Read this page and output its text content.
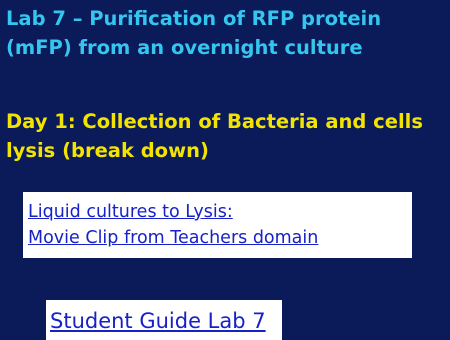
Lab 7 – Purification of RFP protein
(mFP) from an overnight culture
Day 1: Collection of Bacteria and cells
lysis (break down)
Liquid cultures to Lysis:
Movie Clip from Teachers domain
Student Guide Lab 7
